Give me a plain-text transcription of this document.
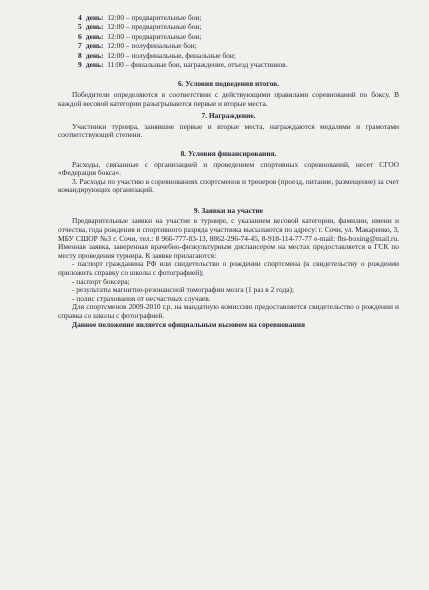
4 день: 12:00 – предварительные бои;
5 день: 12:00 – предварительные бои;
6 день: 12:00 – предварительные бои;
7 день: 12:00 – полуфинальные бои;
8 день: 12:00 – полуфинальные, финальные бои;
9 день: 11:00 – финальные бои, награждение, отъезд участников.
6. Условия подведения итогов.

Победители определяются в соответствии с действующими правилами соревнований по боксу. В каждой весовой категории разыгрываются первые и вторые места.

7. Награждение.

Участники турнира, занявшие первые и вторые места, награждаются медалями и грамотами соответствующей степени.

8. Условия финансирования.

Расходы, связанные с организацией и проведением спортивных соревнований, несет СГОО «Федерация бокса».

3. Расходы по участию в соревнованиях спортсменов и тренеров (проезд, питание, размещение) за счет командирующих организаций.

9. Заявки на участие

Предварительные заявки на участие в турнире, с указанием весовой категории, фамилии, имени и отчества, года рождения и спортивного разряда участника высылаются по адресу: г. Сочи, ул. Макаренко, 3, МБУ СШОР №3 г. Сочи, тел.: 8 966-777-83-13, 8862-296-74-45, 8-918-114-77-77 e-mail: fbs-boxing@mail.ru. Именная заявка, заверенная врачебно-физкультурным диспансером на местах предоставляется в ГСК по месту проведения турнира. К заявке прилагаются:

- паспорт гражданина РФ или свидетельство о рождении спортсмена (к свидетельству о рождении приложить справку со школы с фотографией);

- паспорт боксера;

- результаты магнитно-резонансной томографии мозга (1 раз в 2 года);

- полис страхования от несчастных случаев.

Для спортсменов 2009-2010 г.р. на мандатную комиссию предоставляется свидетельство о рождении и справка со школы с фотографией.

Данное положение является официальным вызовом на соревнования
